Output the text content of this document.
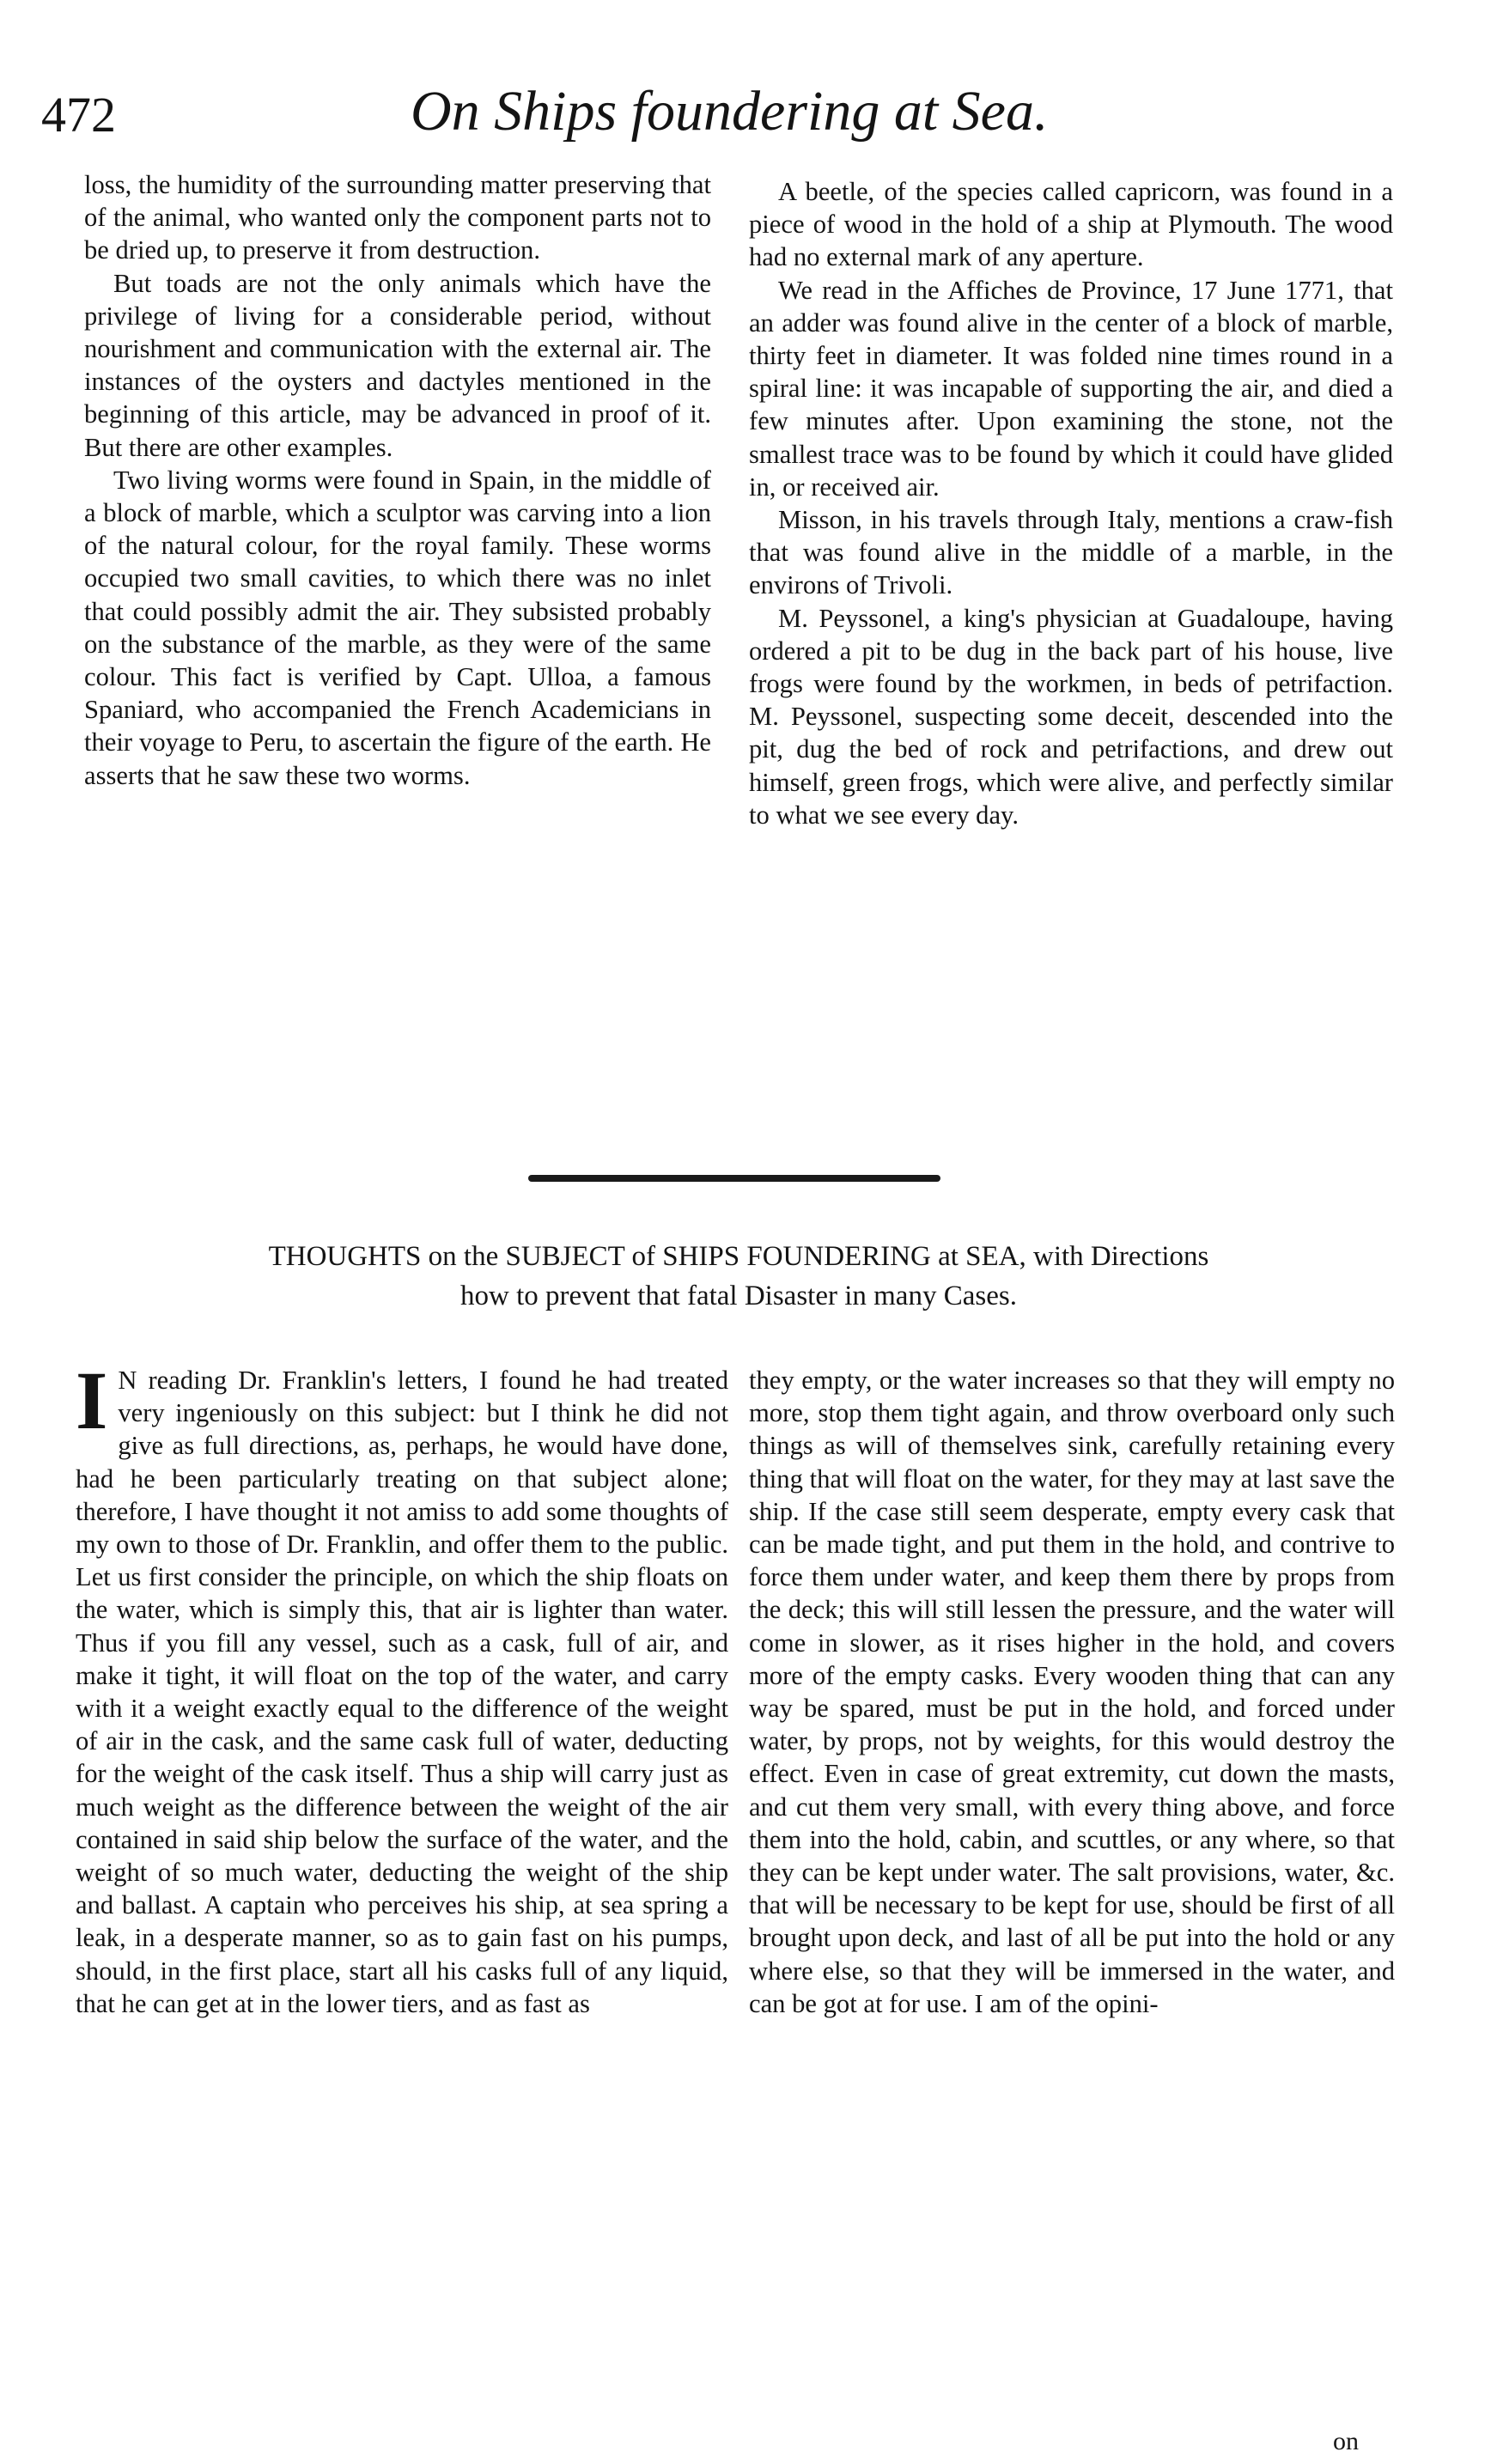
472	On Ships foundering at Sea.

loss, the humidity of the surrounding matter preserving that of the animal, who wanted only the component parts not to be dried up, to preserve it from destruction.

But toads are not the only animals which have the privilege of living for a considerable period, without nourishment and communication with the external air. The instances of the oysters and dactyles mentioned in the beginning of this article, may be advanced in proof of it. But there are other examples.

Two living worms were found in Spain, in the middle of a block of marble, which a sculptor was carving into a lion of the natural colour, for the royal family. These worms occupied two small cavities, to which there was no inlet that could possibly admit the air. They subsisted probably on the substance of the marble, as they were of the same colour. This fact is verified by Capt. Ulloa, a famous Spaniard, who accompanied the French Academicians in their voyage to Peru, to ascertain the figure of the earth. He asserts that he saw these two worms.

A beetle, of the species called capricorn, was found in a piece of wood in the hold of a ship at Plymouth. The wood had no external mark of any aperture.

We read in the Affiches de Province, 17 June 1771, that an adder was found alive in the center of a block of marble, thirty feet in diameter. It was folded nine times round in a spiral line: it was incapable of supporting the air, and died a few minutes after. Upon examining the stone, not the smallest trace was to be found by which it could have glided in, or received air.

Misson, in his travels through Italy, mentions a craw-fish that was found alive in the middle of a marble, in the environs of Trivoli.

M. Peyssonel, a king's physician at Guadaloupe, having ordered a pit to be dug in the back part of his house, live frogs were found by the workmen, in beds of petrifaction. M. Peyssonel, suspecting some deceit, descended into the pit, dug the bed of rock and petrifactions, and drew out himself, green frogs, which were alive, and perfectly similar to what we see every day.

THOUGHTS on the SUBJECT of SHIPS FOUNDERING at SEA, with Directions
how to prevent that fatal Disaster in many Cases.

I N reading Dr. Franklin's letters, I found he had treated very ingeniously on this subject: but I think he did not give as full directions, as, perhaps, he would have done, had he been particularly treating on that subject alone; therefore, I have thought it not amiss to add some thoughts of my own to those of Dr. Franklin, and offer them to the public. Let us first consider the principle, on which the ship floats on the water, which is simply this, that air is lighter than water. Thus if you fill any vessel, such as a cask, full of air, and make it tight, it will float on the top of the water, and carry with it a weight exactly equal to the difference of the weight of air in the cask, and the same cask full of water, deducting for the weight of the cask itself. Thus a ship will carry just as much weight as the difference between the weight of the air contained in said ship below the surface of the water, and the weight of so much water, deducting the weight of the ship and ballast. A captain who perceives his ship, at sea spring a leak, in a desperate manner, so as to gain fast on his pumps, should, in the first place, start all his casks full of any liquid, that he can get at in the lower tiers, and as fast as

they empty, or the water increases so that they will empty no more, stop them tight again, and throw overboard only such things as will of themselves sink, carefully retaining every thing that will float on the water, for they may at last save the ship. If the case still seem desperate, empty every cask that can be made tight, and put them in the hold, and contrive to force them under water, and keep them there by props from the deck; this will still lessen the pressure, and the water will come in slower, as it rises higher in the hold, and covers more of the empty casks. Every wooden thing that can any way be spared, must be put in the hold, and forced under water, by props, not by weights, for this would destroy the effect. Even in case of great extremity, cut down the masts, and cut them very small, with every thing above, and force them into the hold, cabin, and scuttles, or any where, so that they can be kept under water. The salt provisions, water, &c. that will be necessary to be kept for use, should be first of all brought upon deck, and last of all be put into the hold or any where else, so that they will be immersed in the water, and can be got at for use. I am of the opini-

on
